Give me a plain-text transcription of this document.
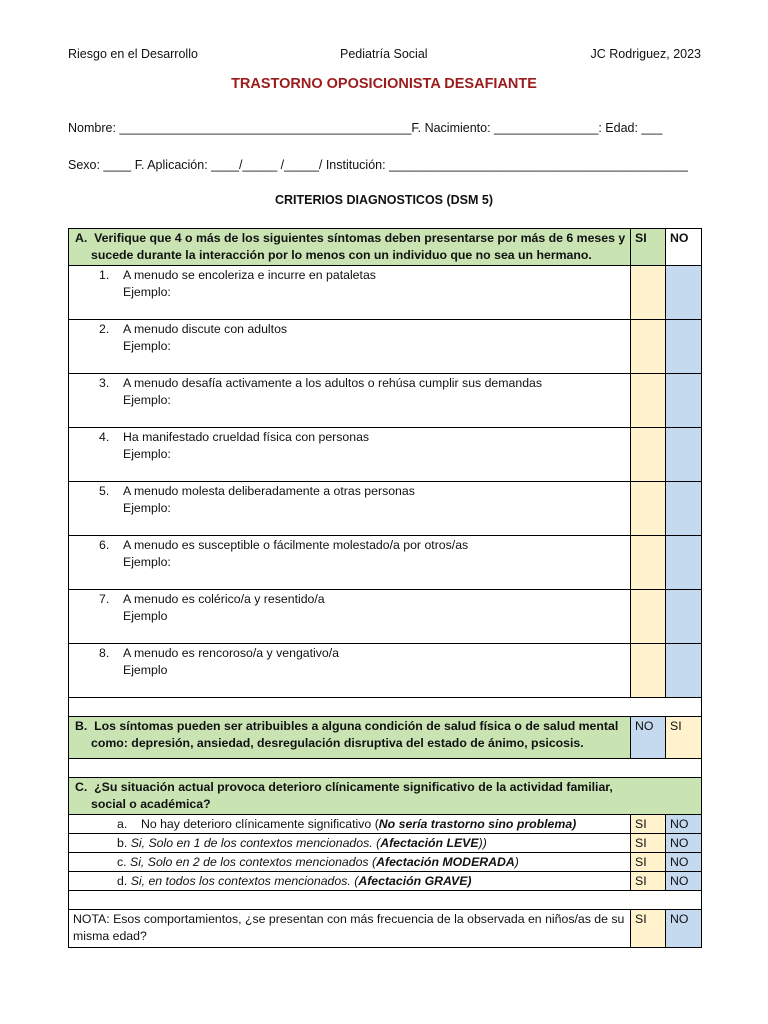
Riesgo en el Desarrollo	Pediatría Social	JC Rodriguez, 2023
TRASTORNO OPOSICIONISTA DESAFIANTE
Nombre: __________________________________________F. Nacimiento: _______________: Edad: ___
Sexo: ____ F. Aplicación: ____/_____ /_____/ Institución: ___________________________________________
CRITERIOS DIAGNOSTICOS (DSM 5)
A. Verifique que 4 o más de los siguientes síntomas deben presentarse por más de 6 meses y sucede durante la interacción por lo menos con un individuo que no sea un hermano.	SI	NO

1. A menudo se encoleriza e incurre en pataletas
Ejemplo:		

2. A menudo discute con adultos
Ejemplo:		

3. A menudo desafía activamente a los adultos o rehúsa cumplir sus demandas
Ejemplo:		

4. Ha manifestado crueldad física con personas
Ejemplo:		

5. A menudo molesta deliberadamente a otras personas
Ejemplo:		

6. A menudo es susceptible o fácilmente molestado/a por otros/as
Ejemplo:		

7. A menudo es colérico/a y resentido/a
Ejemplo		

8. A menudo es rencoroso/a y vengativo/a
Ejemplo		

B. Los síntomas pueden ser atribuibles a alguna condición de salud física o de salud mental como: depresión, ansiedad, desregulación disruptiva del estado de ánimo, psicosis.	NO	SI

C. ¿Su situación actual provoca deterioro clínicamente significativo de la actividad familiar, social o académica?		
a. No hay deterioro clínicamente significativo (No sería trastorno sino problema)	SI	NO
b. Si, Solo en 1 de los contextos mencionados. (Afectación LEVE))	SI	NO
c. Si, Solo en 2 de los contextos mencionados (Afectación MODERADA)	SI	NO
d. Si, en todos los contextos mencionados. (Afectación GRAVE)	SI	NO

NOTA: Esos comportamientos, ¿se presentan con más frecuencia de la observada en niños/as de su misma edad?	SI	NO
